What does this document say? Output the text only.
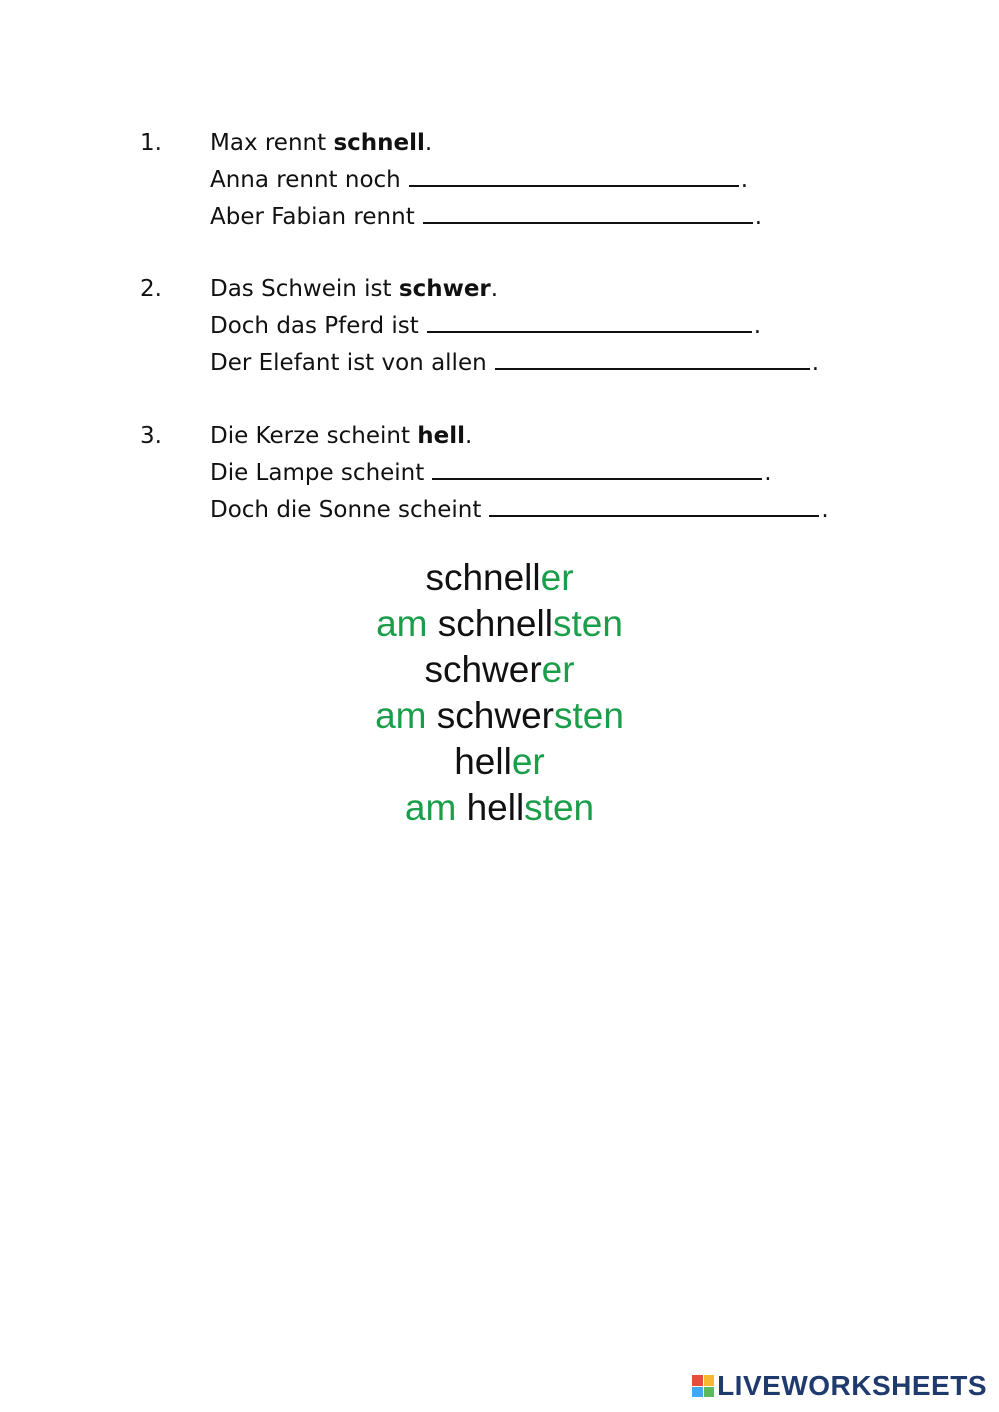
1.	Max rennt schnell.
Anna rennt noch	.
Aber Fabian rennt	.
2.	Das Schwein ist schwer.
Doch das Pferd ist	.
Der Elefant ist von allen	.
3.	Die Kerze scheint hell.
Die Lampe scheint	.
Doch die Sonne scheint	.
schneller
am schnellsten
schwerer
am schwersten
heller
am hellsten
LIVEWORKSHEETS
